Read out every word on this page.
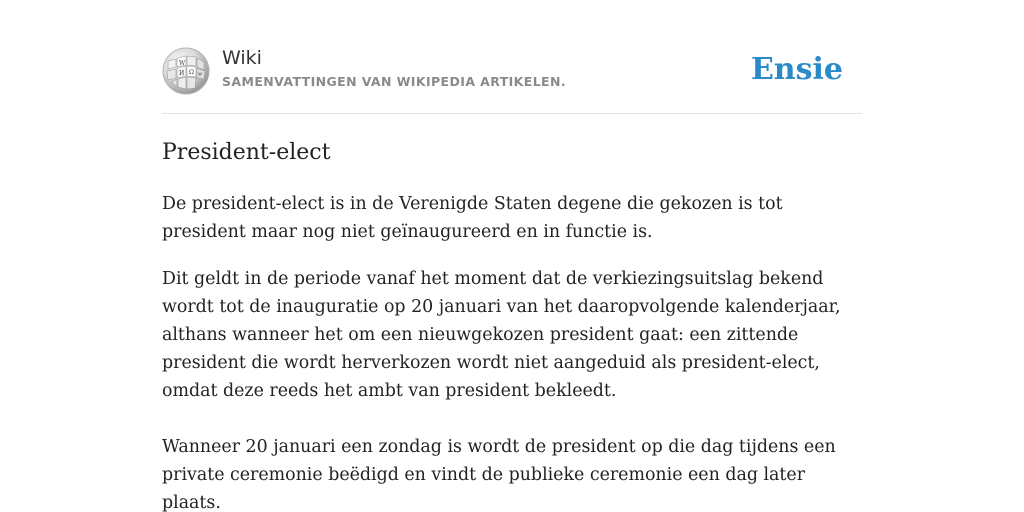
W
Ω
И	ψ
Wiki
SAMENVATTINGEN VAN WIKIPEDIA ARTIKELEN.	Ensie
President-elect

De president-elect is in de Verenigde Staten degene die gekozen is tot president maar nog niet geïnaugureerd en in functie is.

Dit geldt in de periode vanaf het moment dat de verkiezingsuitslag bekend wordt tot de inauguratie op 20 januari van het daaropvolgende kalenderjaar, althans wanneer het om een nieuwgekozen president gaat: een zittende president die wordt herverkozen wordt niet aangeduid als president-elect, omdat deze reeds het ambt van president bekleedt.

Wanneer 20 januari een zondag is wordt de president op die dag tijdens een private ceremonie beëdigd en vindt de publieke ceremonie een dag later plaats.
